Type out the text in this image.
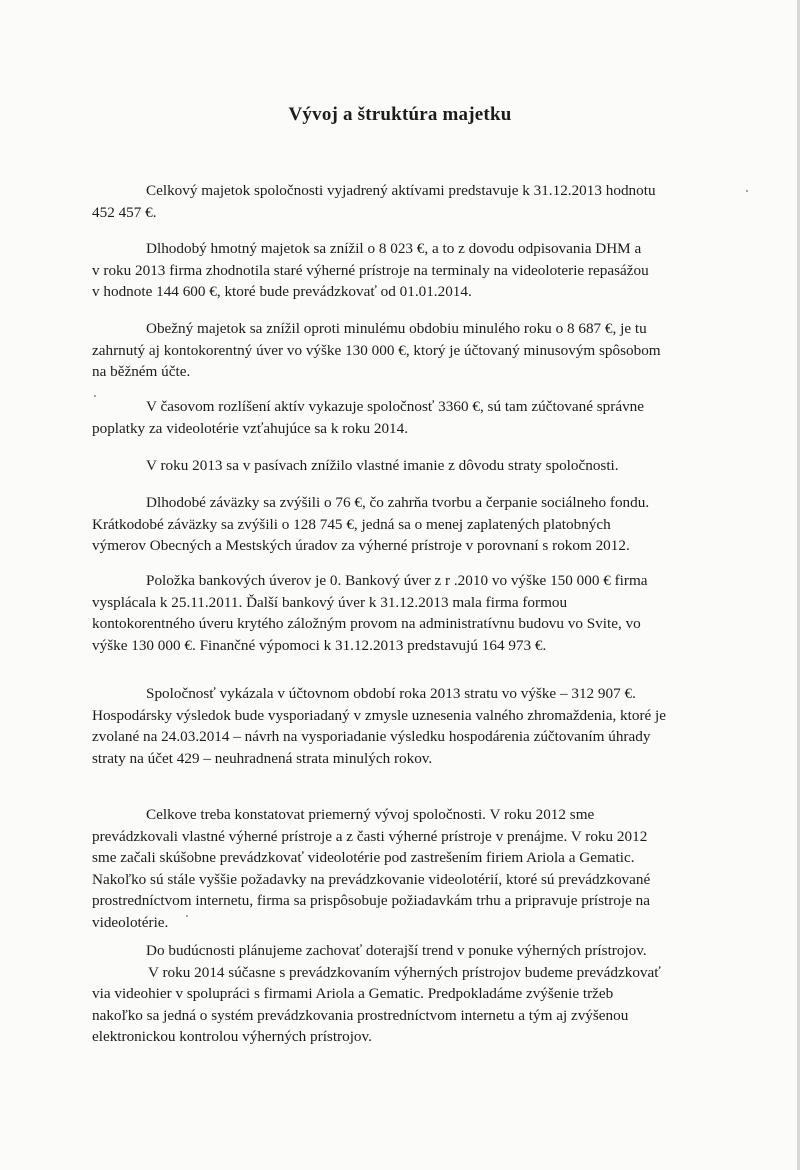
Vývoj a štruktúra majetku

Celkový majetok spoločnosti vyjadrený aktívami predstavuje k 31.12.2013 hodnotu
452 457 €.

Dlhodobý hmotný majetok sa znížil o 8 023 €, a to z dovodu odpisovania DHM a
v roku 2013 firma zhodnotila staré výherné prístroje na terminaly na videoloterie repasážou
v hodnote 144 600 €, ktoré bude prevádzkovať od 01.01.2014.

Obežný majetok sa znížil oproti minulému obdobiu minulého roku o 8 687 €, je tu
zahrnutý aj kontokorentný úver vo výške 130 000 €, ktorý je účtovaný minusovým spôsobom
na běžném účte.

V časovom rozlíšení aktív vykazuje spoločnosť 3360 €, sú tam zúčtované správne
poplatky za videolotérie vzťahujúce sa k roku 2014.

V roku 2013 sa v pasívach znížilo vlastné imanie z dôvodu straty spoločnosti.

Dlhodobé záväzky sa zvýšili o 76 €, čo zahrňa tvorbu a čerpanie sociálneho fondu.
Krátkodobé záväzky sa zvýšili o 128 745 €, jedná sa o menej zaplatených platobných
výmerov Obecných a Mestských úradov za výherné prístroje v porovnaní s rokom 2012.

Položka bankových úverov je 0. Bankový úver z r .2010 vo výške 150 000 € firma
vysplácala k 25.11.2011. Ďalší bankový úver k 31.12.2013 mala firma formou
kontokorentného úveru krytého záložným provom na administratívnu budovu vo Svite, vo
výške 130 000 €. Finančné výpomoci k 31.12.2013 predstavujú 164 973 €.

Spoločnosť vykázala v účtovnom období roka 2013 stratu vo výške – 312 907 €.
Hospodársky výsledok bude vysporiadaný v zmysle uznesenia valného zhromaždenia, ktoré je
zvolané na 24.03.2014 – návrh na vysporiadanie výsledku hospodárenia zúčtovaním úhrady
straty na účet 429 – neuhradnená strata minulých rokov.

Celkove treba konstatovat priemerný vývoj spoločnosti. V roku 2012 sme
prevádzkovali vlastné výherné prístroje a z časti výherné prístroje v prenájme. V roku 2012
sme začali skúšobne prevádzkovať videolotérie pod zastrešením firiem Ariola a Gematic.
Nakoľko sú stále vyššie požadavky na prevádzkovanie videolotérií, ktoré sú prevádzkované
prostredníctvom internetu, firma sa prispôsobuje požiadavkám trhu a pripravuje prístroje na
videolotérie.

Do budúcnosti plánujeme zachovať doterajší trend v ponuke výherných prístrojov.
V roku 2014 súčasne s prevádzkovaním výherných prístrojov budeme prevádzkovať
via videohier v spolupráci s firmami Ariola a Gematic. Predpokladáme zvýšenie tržeb
nakoľko sa jedná o systém prevádzkovania prostredníctvom internetu a tým aj zvýšenou
elektronickou kontrolou výherných prístrojov.
